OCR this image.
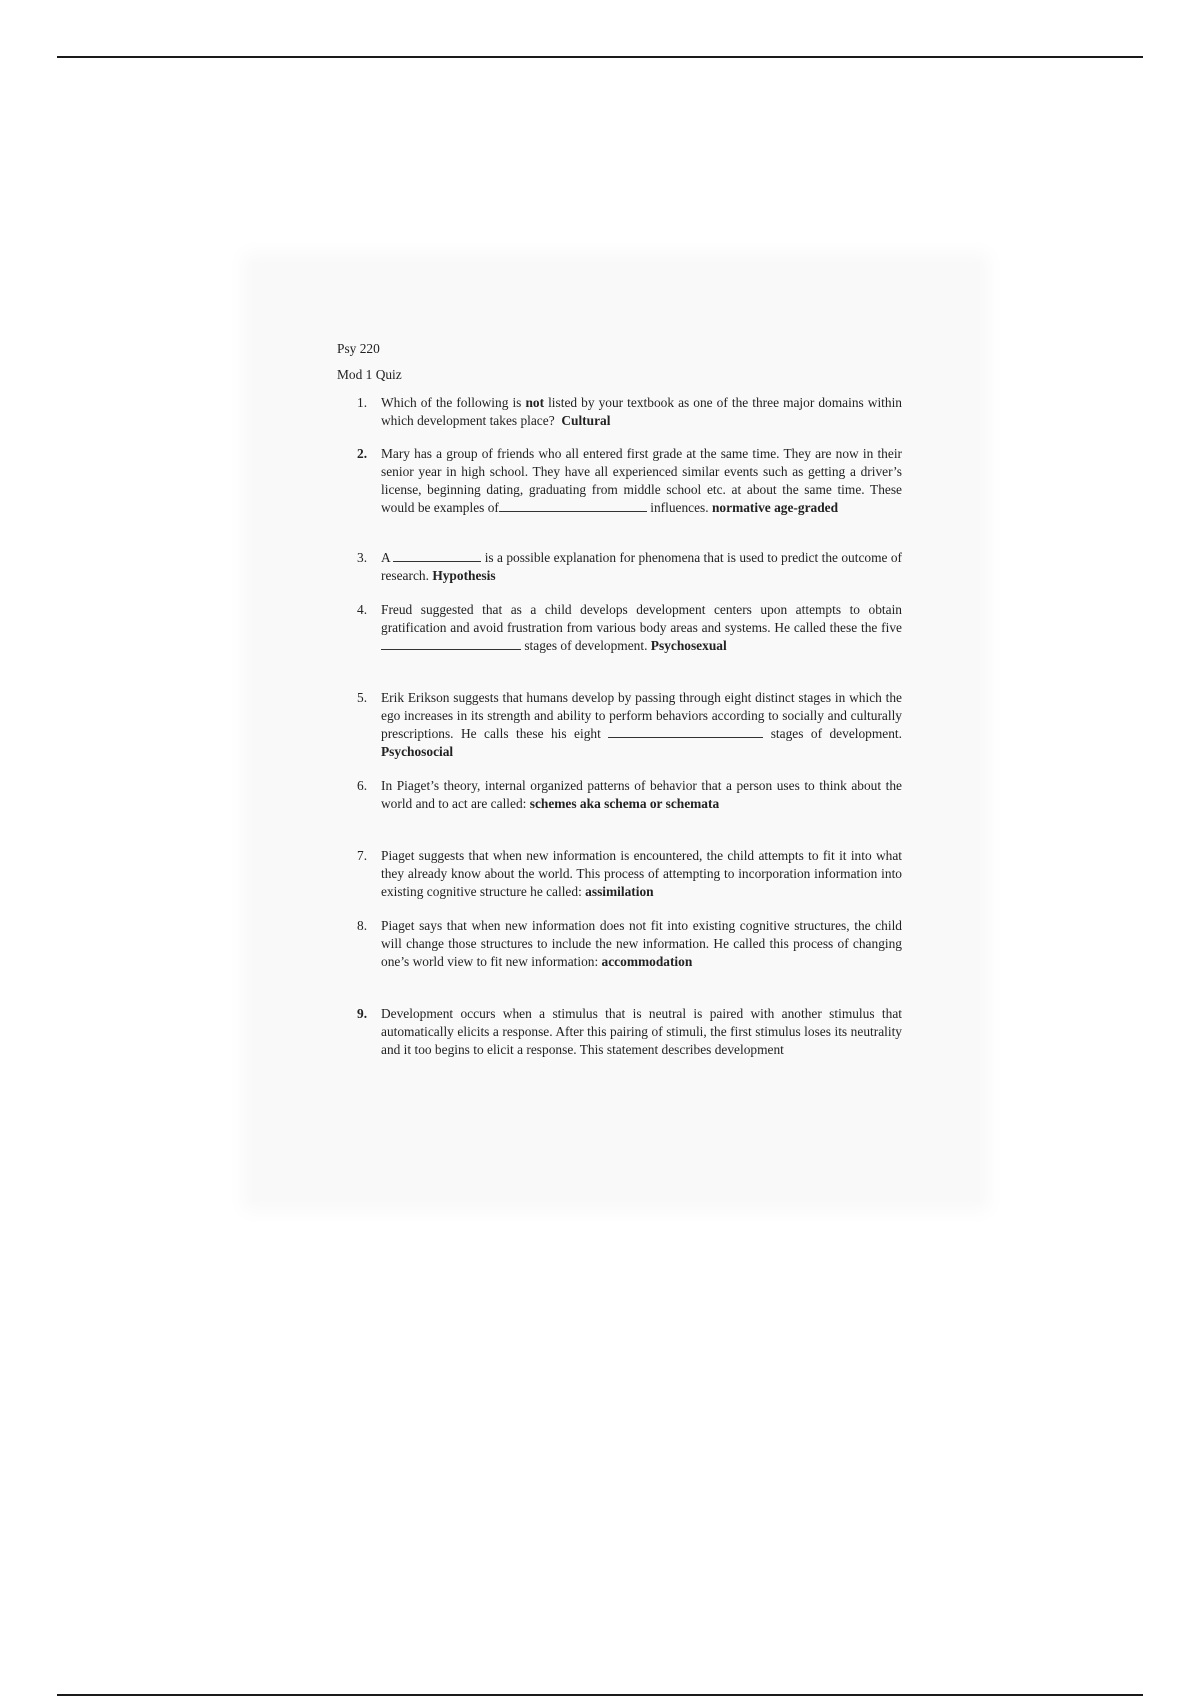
Psy 220
Mod 1 Quiz
1. Which of the following is not listed by your textbook as one of the three major domains within which development takes place? Cultural
2. Mary has a group of friends who all entered first grade at the same time. They are now in their senior year in high school. They have all experienced similar events such as getting a driver’s license, beginning dating, graduating from middle school etc. at about the same time. These would be examples of	influences. normative age-graded
3. A	is a possible explanation for phenomena that is used to predict the outcome of research. Hypothesis
4. Freud suggested that as a child develops development centers upon attempts to obtain gratification and avoid frustration from various body areas and systems. He called these the five  stages of development. Psychosexual
5. Erik Erikson suggests that humans develop by passing through eight distinct stages in which the ego increases in its strength and ability to perform behaviors according to socially and culturally prescriptions. He calls these his eight	stages of development. Psychosocial
6. In Piaget’s theory, internal organized patterns of behavior that a person uses to think about the world and to act are called: schemes aka schema or schemata
7. Piaget suggests that when new information is encountered, the child attempts to fit it into what they already know about the world. This process of attempting to incorporation information into existing cognitive structure he called: assimilation
8. Piaget says that when new information does not fit into existing cognitive structures, the child will change those structures to include the new information. He called this process of changing one’s world view to fit new information: accommodation
9. Development occurs when a stimulus that is neutral is paired with another stimulus that automatically elicits a response. After this pairing of stimuli, the first stimulus loses its neutrality and it too begins to elicit a response. This statement describes development
